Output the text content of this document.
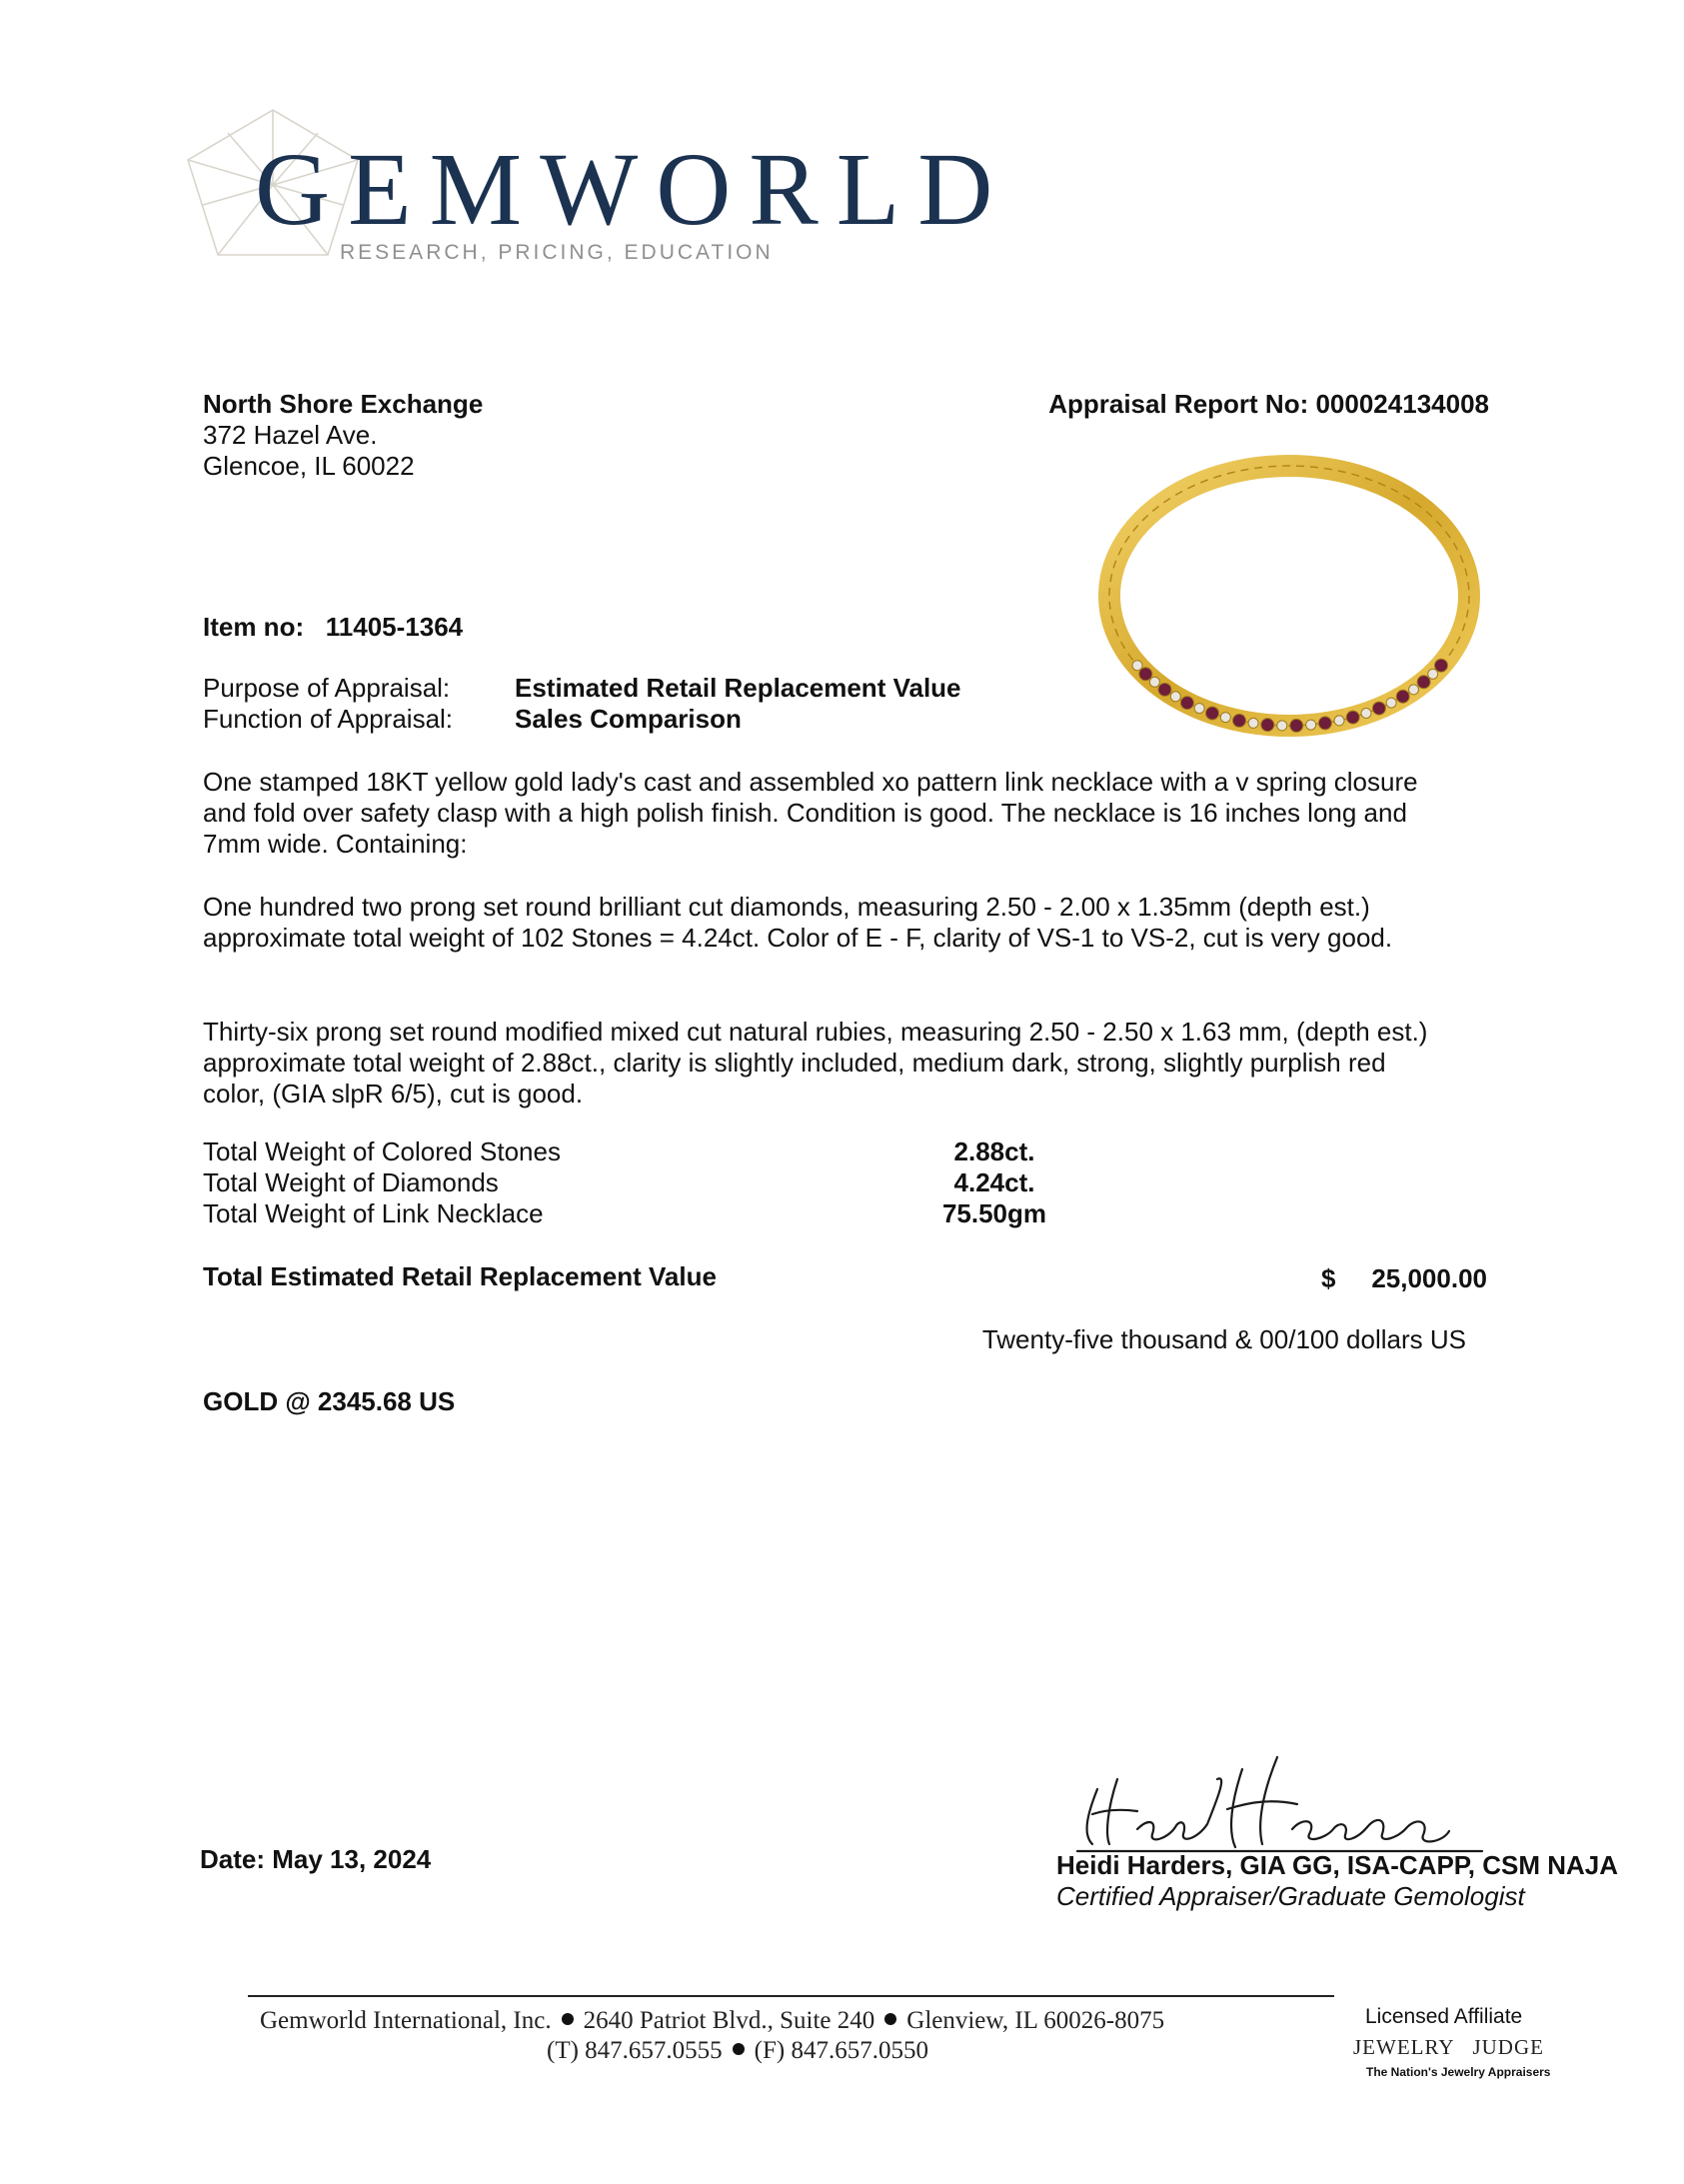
GEMWORLD
RESEARCH, PRICING, EDUCATION
North Shore Exchange
372 Hazel Ave.
Glencoe, IL 60022
Appraisal Report No: 000024134008
Item no: 11405-1364
Purpose of Appraisal: Estimated Retail Replacement Value
Function of Appraisal: Sales Comparison
One stamped 18KT yellow gold lady's cast and assembled xo pattern link necklace with a v spring closure and fold over safety clasp with a high polish finish. Condition is good. The necklace is 16 inches long and 7mm wide. Containing:
One hundred two prong set round brilliant cut diamonds, measuring 2.50 - 2.00 x 1.35mm (depth est.) approximate total weight of 102 Stones = 4.24ct. Color of E - F, clarity of VS-1 to VS-2, cut is very good.
Thirty-six prong set round modified mixed cut natural rubies, measuring 2.50 - 2.50 x 1.63 mm, (depth est.) approximate total weight of 2.88ct., clarity is slightly included, medium dark, strong, slightly purplish red color, (GIA slpR 6/5), cut is good.
Total Weight of Colored Stones	2.88ct.
Total Weight of Diamonds	4.24ct.
Total Weight of Link Necklace	75.50gm
Total Estimated Retail Replacement Value	$ 25,000.00
Twenty-five thousand & 00/100 dollars US
GOLD @ 2345.68 US
Date: May 13, 2024	Heidi Harders, GIA GG, ISA-CAPP, CSM NAJA
Certified Appraiser/Graduate Gemologist
Gemworld International, Inc. 2640 Patriot Blvd., Suite 240 Glenview, IL 60026-8075
(T) 847.657.0555 (F) 847.657.0550
Licensed Affiliate
JEWELRY   JUDGE
The Nation's Jewelry Appraisers
